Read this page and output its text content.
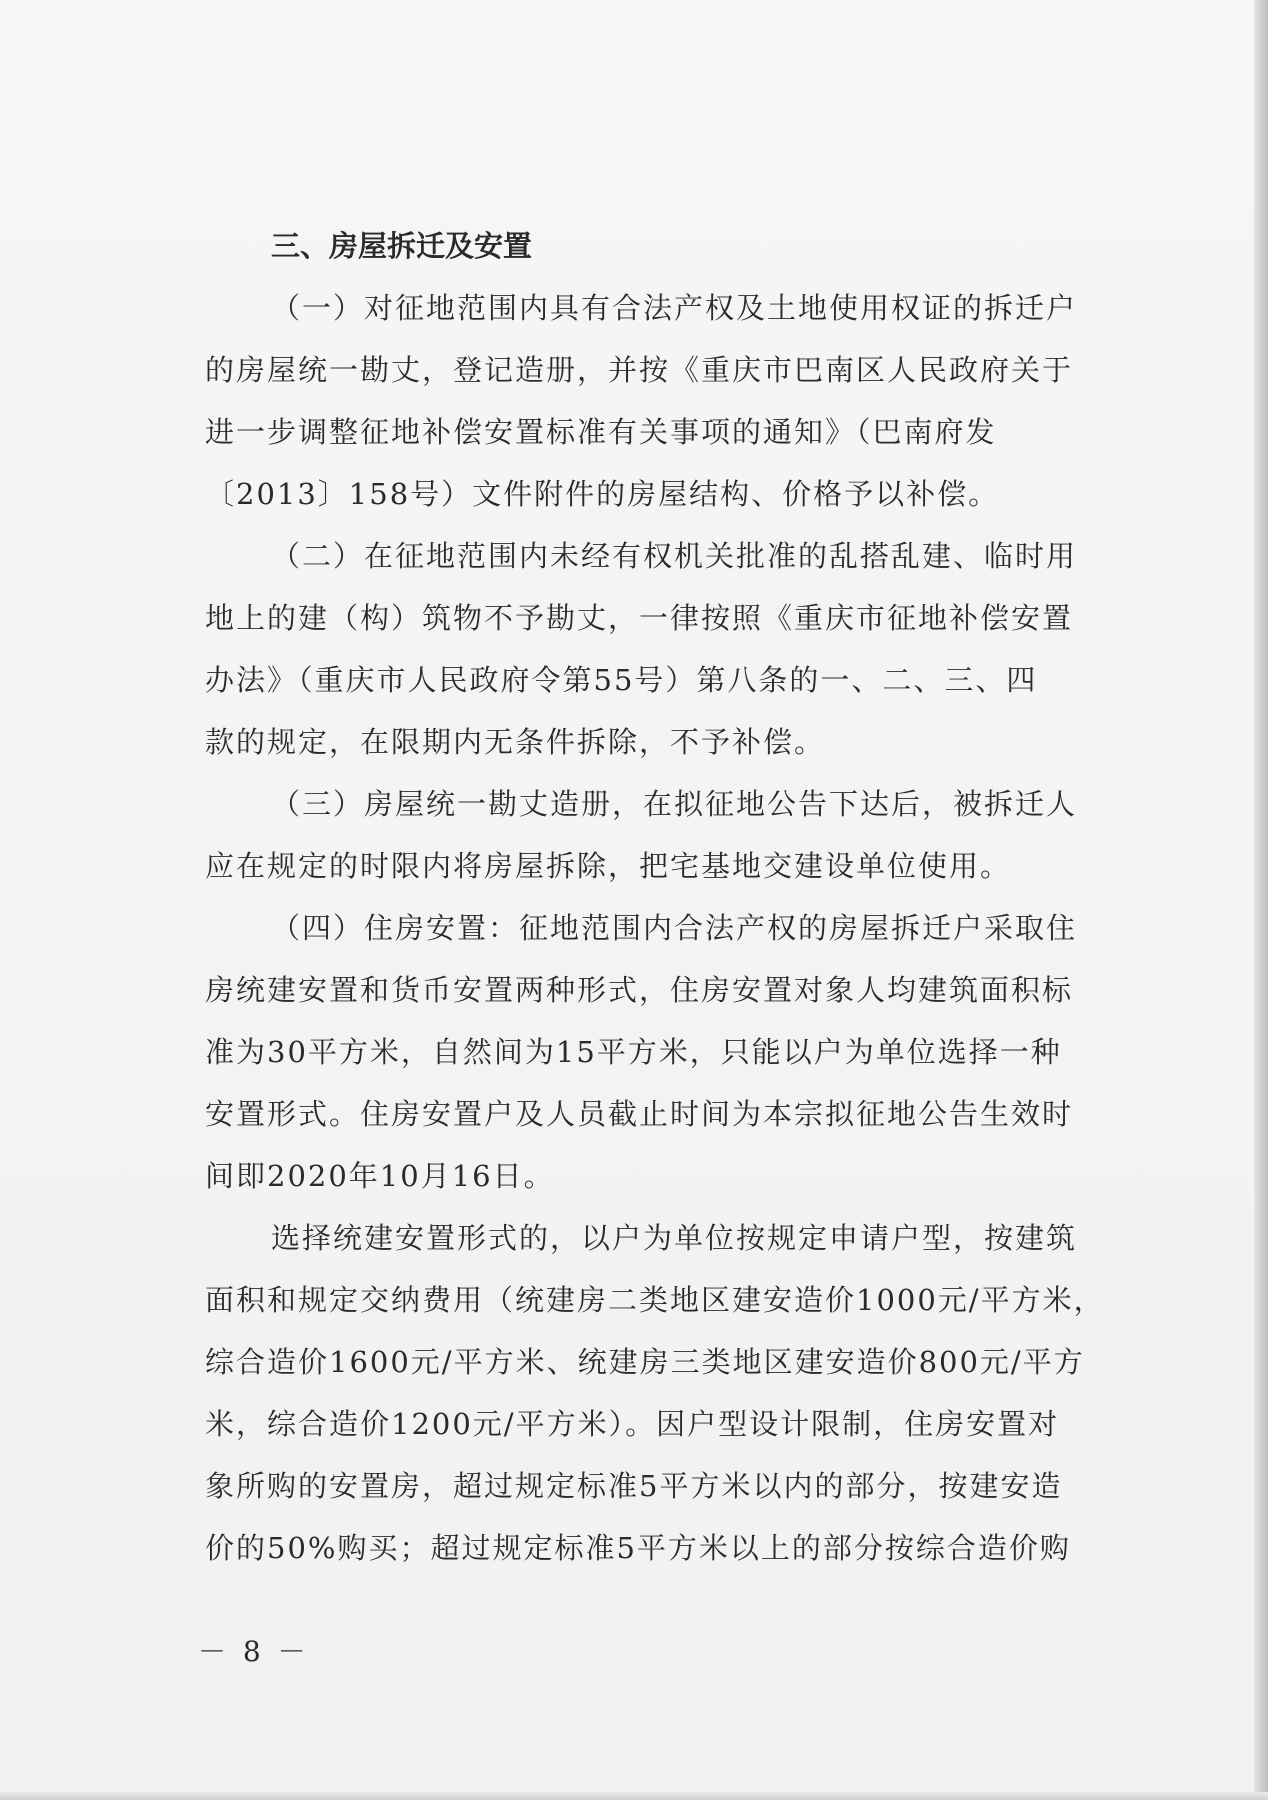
三、房屋拆迁及安置

（一）对征地范围内具有合法产权及土地使用权证的拆迁户

的房屋统一勘丈，登记造册，并按《重庆市巴南区人民政府关于

进一步调整征地补偿安置标准有关事项的通知》（巴南府发

〔2013〕158号）文件附件的房屋结构、价格予以补偿。

（二）在征地范围内未经有权机关批准的乱搭乱建、临时用

地上的建（构）筑物不予勘丈，一律按照《重庆市征地补偿安置

办法》（重庆市人民政府令第55号）第八条的一、二、三、四

款的规定，在限期内无条件拆除，不予补偿。

（三）房屋统一勘丈造册，在拟征地公告下达后，被拆迁人

应在规定的时限内将房屋拆除，把宅基地交建设单位使用。

（四）住房安置：征地范围内合法产权的房屋拆迁户采取住

房统建安置和货币安置两种形式，住房安置对象人均建筑面积标

准为30平方米，自然间为15平方米，只能以户为单位选择一种

安置形式。住房安置户及人员截止时间为本宗拟征地公告生效时

间即2020年10月16日。

选择统建安置形式的，以户为单位按规定申请户型，按建筑

面积和规定交纳费用（统建房二类地区建安造价1000元/平方米，

综合造价1600元/平方米、统建房三类地区建安造价800元/平方

米，综合造价1200元/平方米）。因户型设计限制，住房安置对

象所购的安置房，超过规定标准5平方米以内的部分，按建安造

价的50%购买；超过规定标准5平方米以上的部分按综合造价购

－ 8 －
